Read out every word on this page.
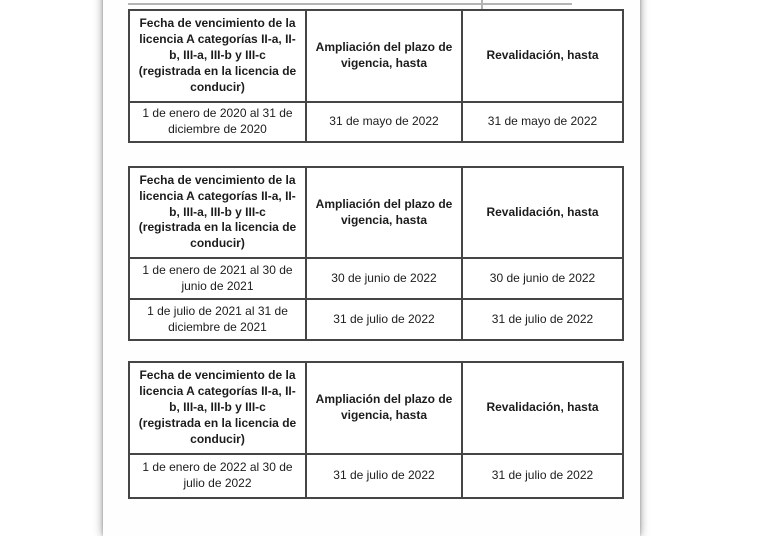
Fecha de vencimiento de la licencia A categorías II-a, II-b, III-a, III-b y III-c (registrada en la licencia de conducir)	Ampliación del plazo de vigencia, hasta	Revalidación, hasta
1 de enero de 2020 al 31 de diciembre de 2020	31 de mayo de 2022	31 de mayo de 2022
Fecha de vencimiento de la licencia A categorías II-a, II-b, III-a, III-b y III-c (registrada en la licencia de conducir)	Ampliación del plazo de vigencia, hasta	Revalidación, hasta
1 de enero de 2021 al 30 de junio de 2021	30 de junio de 2022	30 de junio de 2022
1 de julio de 2021 al 31 de diciembre de 2021	31 de julio de 2022	31 de julio de 2022
Fecha de vencimiento de la licencia A categorías II-a, II-b, III-a, III-b y III-c (registrada en la licencia de conducir)	Ampliación del plazo de vigencia, hasta	Revalidación, hasta
1 de enero de 2022 al 30 de julio de 2022	31 de julio de 2022	31 de julio de 2022
